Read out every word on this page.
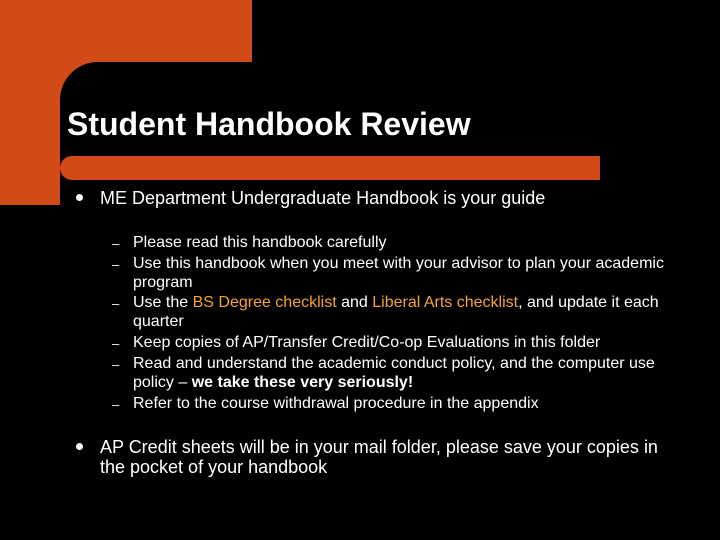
Student Handbook Review
ME Department Undergraduate Handbook is your guide
– Please read this handbook carefully
– Use this handbook when you meet with your advisor to plan your academic program
– Use the BS Degree checklist and Liberal Arts checklist, and update it each quarter
– Keep copies of AP/Transfer Credit/Co-op Evaluations in this folder
– Read and understand the academic conduct policy, and the computer use policy – we take these very seriously!
– Refer to the course withdrawal procedure in the appendix
AP Credit sheets will be in your mail folder, please save your copies in the pocket of your handbook
